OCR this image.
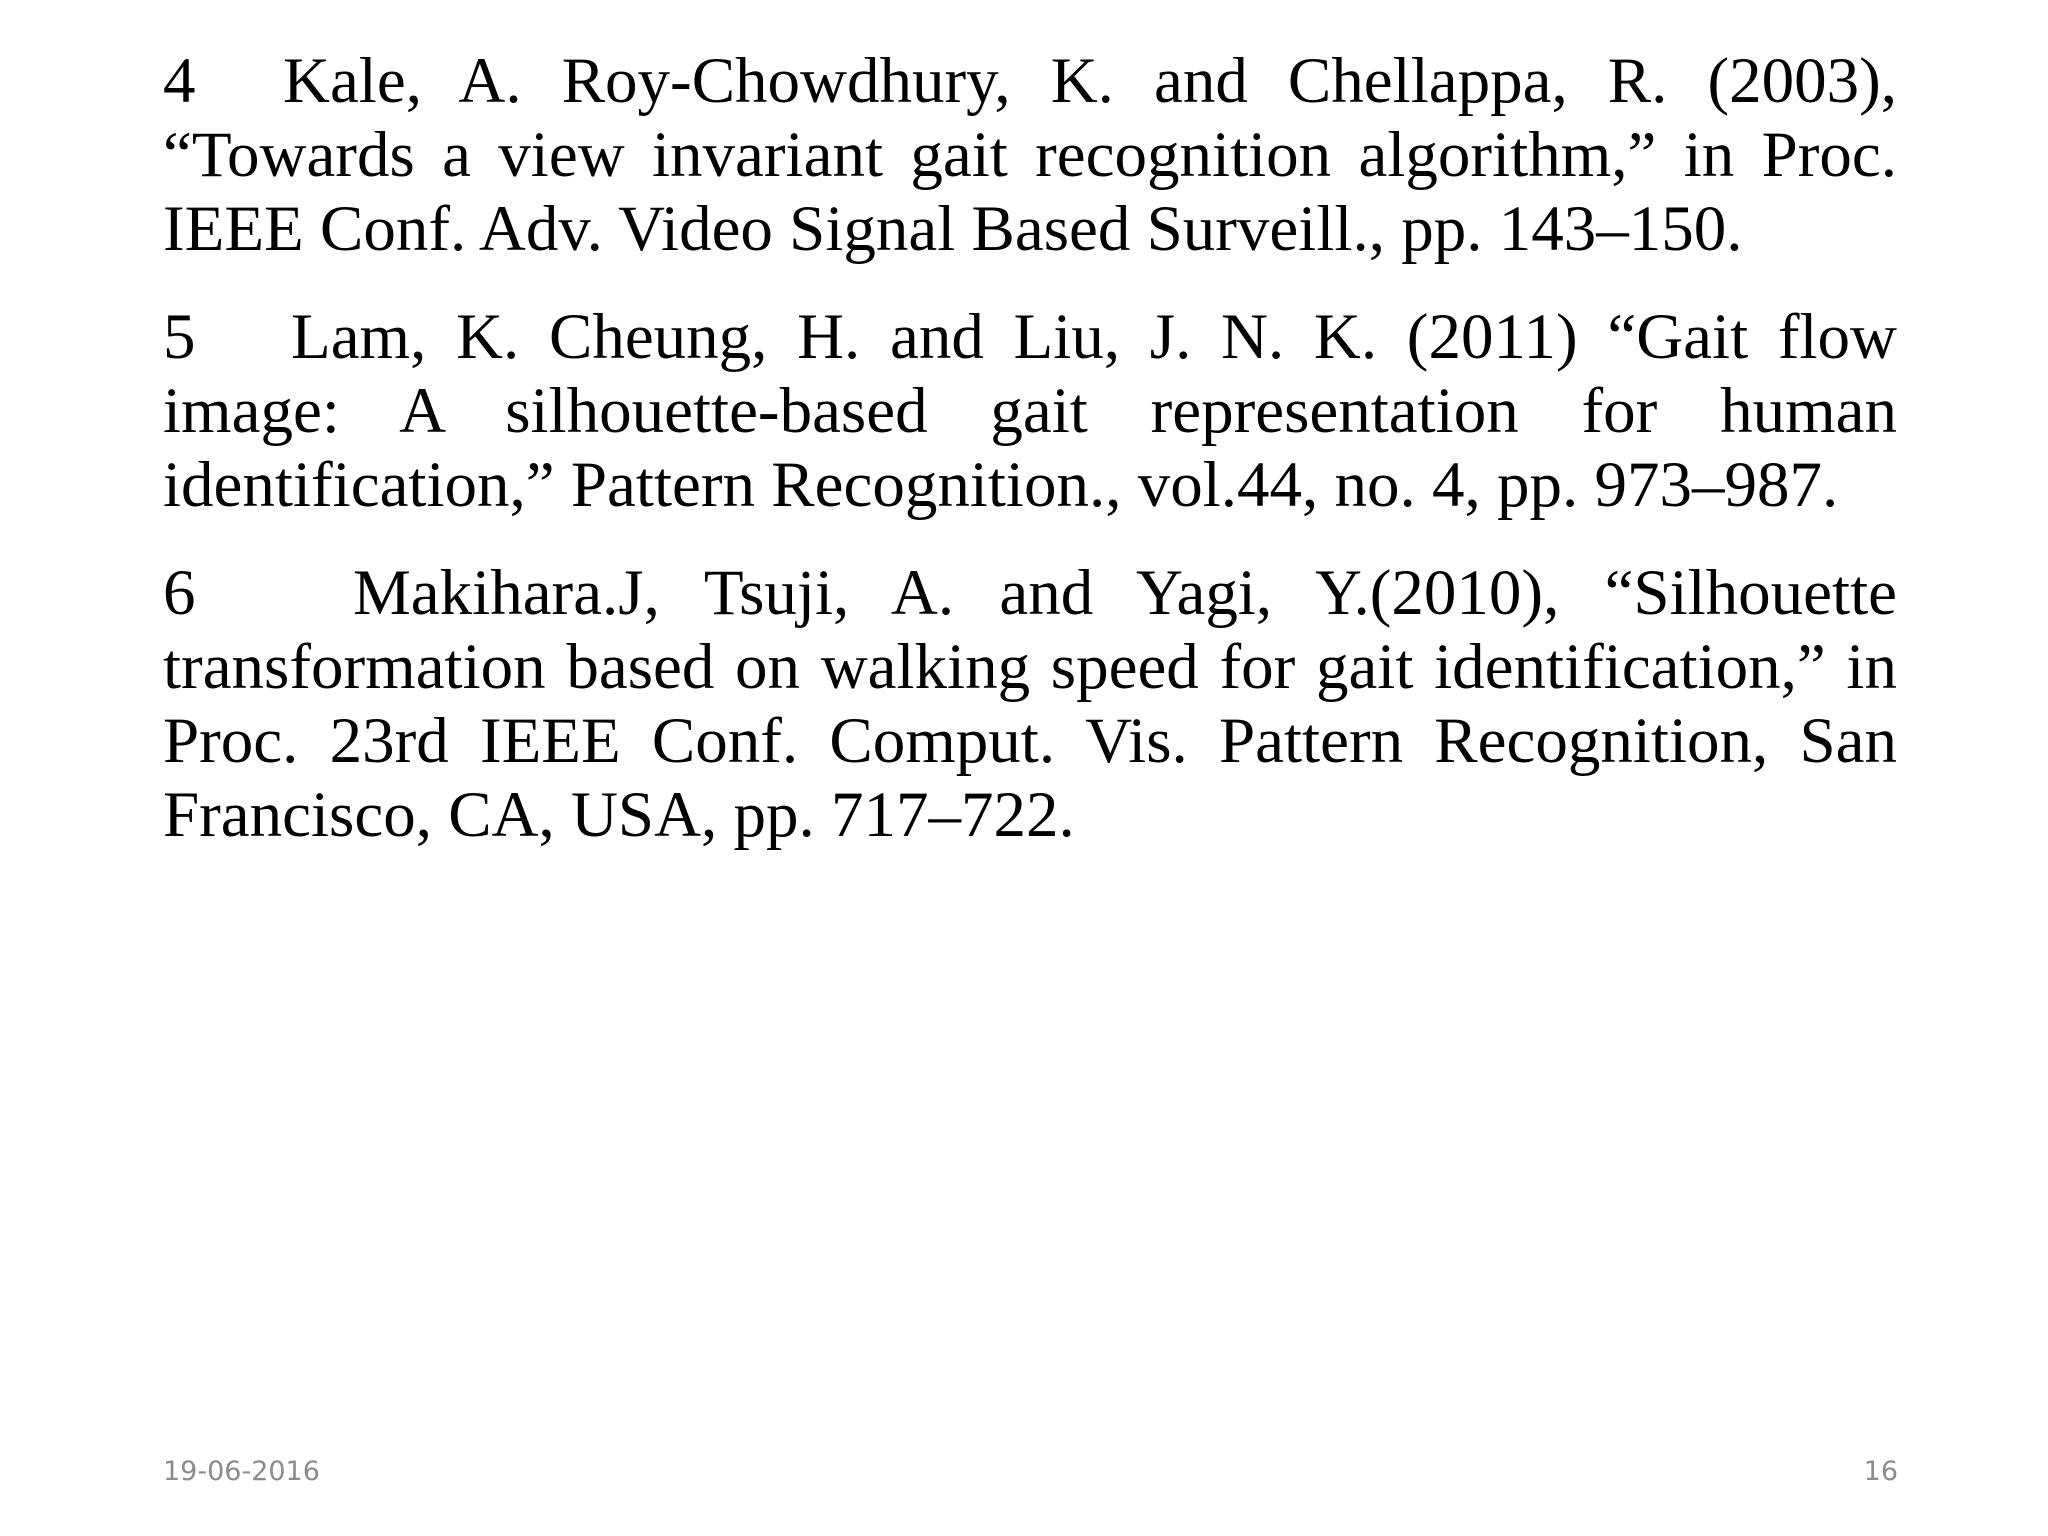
4 Kale, A. Roy-Chowdhury, K. and Chellappa, R. (2003), “Towards a view invariant gait recognition algorithm,” in Proc. IEEE Conf. Adv. Video Signal Based Surveill., pp. 143–150.

5 Lam, K. Cheung, H. and Liu, J. N. K. (2011) “Gait flow image: A silhouette-based gait representation for human identification,” Pattern Recognition., vol.44, no. 4, pp. 973–987.

6 Makihara.J, Tsuji, A. and Yagi, Y.(2010), “Silhouette transformation based on walking speed for gait identification,” in Proc. 23rd IEEE Conf. Comput. Vis. Pattern Recognition, San Francisco, CA, USA, pp. 717–722.

19-06-2016	16
